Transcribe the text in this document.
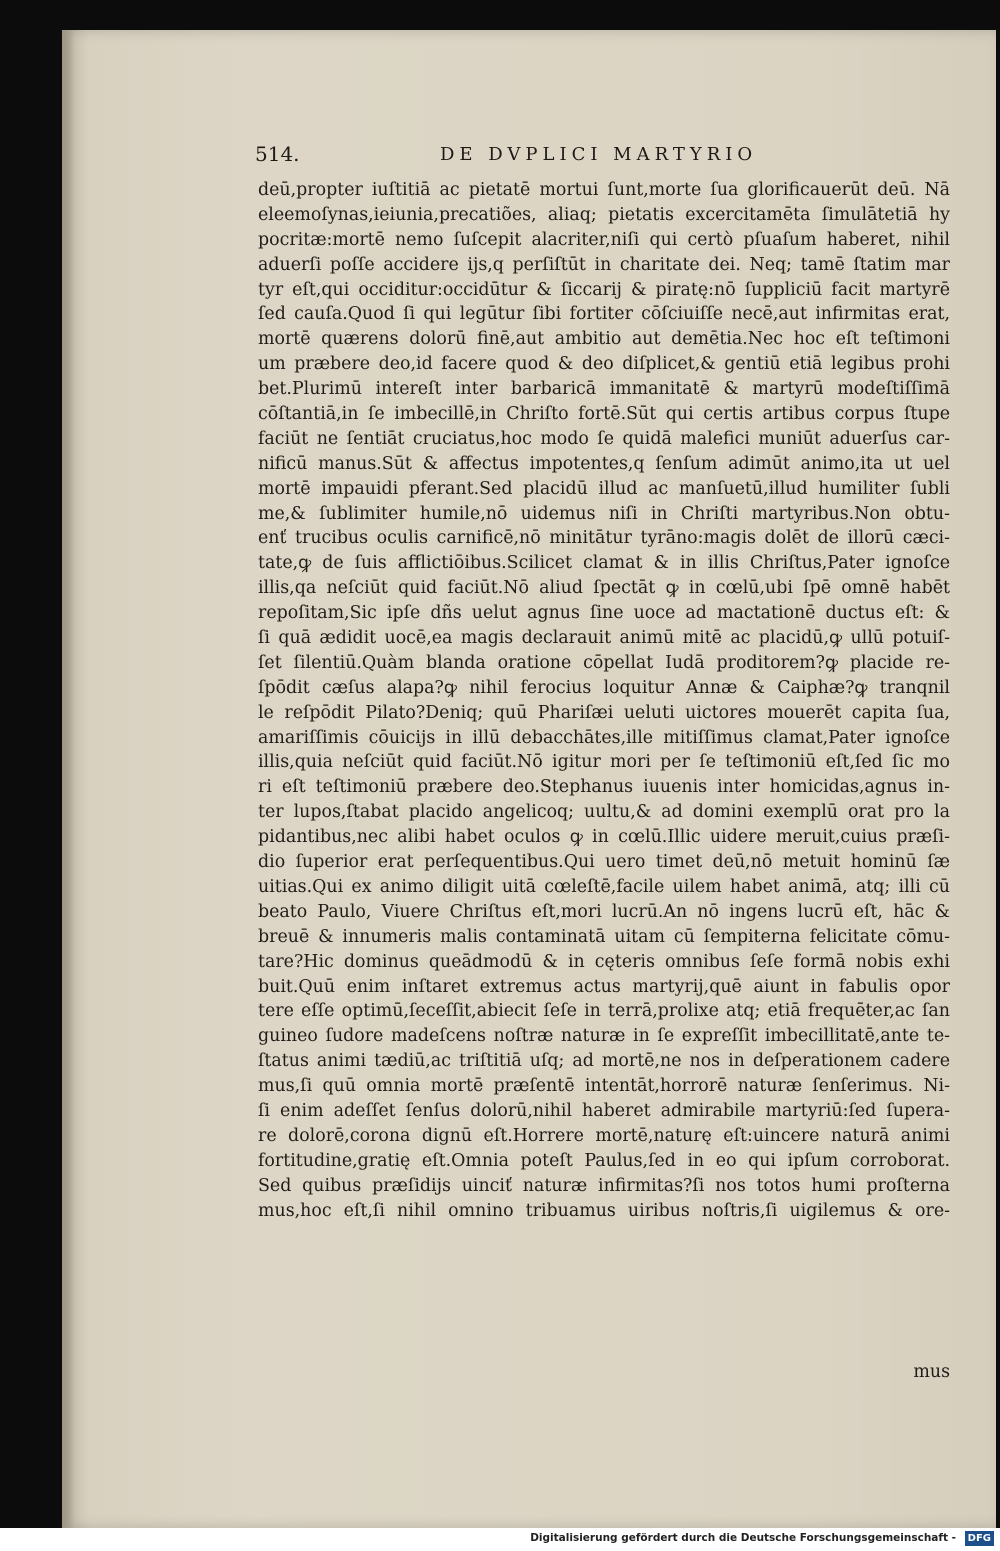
514.	DE DVPLICI MARTYRIO
deū,propter iuſtitiā ac pietatē mortui ſunt,morte ſua glorificauerūt deū. Nā
eleemoſynas,ieiunia,precatiões, aliaq; pietatis excercitamēta ſimulātetiā hy
pocritæ:mortē nemo ſuſcepit alacriter,niſi qui certò pſuaſum haberet, nihil
aduerſi poſſe accidere ijs,q perſiſtūt in charitate dei. Neq; tamē ſtatim mar
tyr eſt,qui occiditur:occidūtur & ſiccarij & piratę:nō ſuppliciū facit martyrē
ſed cauſa.Quod ſi qui legūtur ſibi fortiter cōſciuiſſe necē,aut infirmitas erat,
mortē quærens dolorū finē,aut ambitio aut demētia.Nec hoc eſt teſtimoni
um præbere deo,id facere quod & deo diſplicet,& gentiū etiā legibus prohi
bet.Plurimū intereſt inter barbaricā immanitatē & martyrū modeſtiſſimā
cōſtantiā,in ſe imbecillē,in Chriſto fortē.Sūt qui certis artibus corpus ſtupe
faciūt ne ſentiāt cruciatus,hoc modo ſe quidā malefici muniūt aduerſus car-
nificū manus.Sūt & affectus impotentes,q ſenſum adimūt animo,ita ut uel
mortē impauidi pferant.Sed placidū illud ac manſuetū,illud humiliter ſubli
me,& ſublimiter humile,nō uidemus niſi in Chriſti martyribus.Non obtu-
enť trucibus oculis carnificē,nō minitātur tyrāno:magis dolēt de illorū cæci-
tate,ꝙ de ſuis afflictiōibus.Scilicet clamat & in illis Chriſtus,Pater ignoſce
illis,qa neſciūt quid faciūt.Nō aliud ſpectāt ꝙ in cœlū,ubi ſpē omnē habēt
repoſitam,Sic ipſe dñs uelut agnus ſine uoce ad mactationē ductus eſt: &
ſi quā ædidit uocē,ea magis declarauit animū mitē ac placidū,ꝙ ullū potuiſ-
ſet ſilentiū.Quàm blanda oratione cōpellat Iudā proditorem?ꝙ placide re-
ſpōdit cæſus alapa?ꝙ nihil ferocius loquitur Annæ & Caiphæ?ꝙ tranqnil
le reſpōdit Pilato?Deniq; quū Phariſæi ueluti uictores mouerēt capita ſua,
amariſſimis cōuicijs in illū debacchātes,ille mitiſſimus clamat,Pater ignoſce
illis,quia neſciūt quid faciūt.Nō igitur mori per ſe teſtimoniū eſt,ſed ſic mo
ri eſt teſtimoniū præbere deo.Stephanus iuuenis inter homicidas,agnus in-
ter lupos,ſtabat placido angelicoq; uultu,& ad domini exemplū orat pro la
pidantibus,nec alibi habet oculos ꝙ in cœlū.Illic uidere meruit,cuius præſi-
dio ſuperior erat perſequentibus.Qui uero timet deū,nō metuit hominū ſæ
uitias.Qui ex animo diligit uitā cœleſtē,facile uilem habet animā, atq; illi cū
beato Paulo, Viuere Chriſtus eſt,mori lucrū.An nō ingens lucrū eſt, hāc &
breuē & innumeris malis contaminatā uitam cū ſempiterna felicitate cōmu-
tare?Hic dominus queādmodū & in cęteris omnibus ſeſe formā nobis exhi
buit.Quū enim inſtaret extremus actus martyrij,quē aiunt in fabulis opor
tere eſſe optimū,ſeceſſit,abiecit ſeſe in terrā,prolixe atq; etiā frequēter,ac ſan
guineo ſudore madeſcens noſtræ naturæ in ſe expreſſit imbecillitatē,ante te-
ſtatus animi tædiū,ac triſtitiā uſq; ad mortē,ne nos in deſperationem cadere
mus,ſi quū omnia mortē præſentē intentāt,horrorē naturæ ſenſerimus. Ni-
ſi enim adeſſet ſenſus dolorū,nihil haberet admirabile martyriū:ſed ſupera-
re dolorē,corona dignū eſt.Horrere mortē,naturę eſt:uincere naturā animi
fortitudine,gratię eſt.Omnia poteſt Paulus,ſed in eo qui ipſum corroborat.
Sed quibus præſidijs uinciť naturæ infirmitas?ſi nos totos humi proſterna
mus,hoc eſt,ſi nihil omnino tribuamus uiribus noſtris,ſi uigilemus & ore-
mus
Digitalisierung gefördert durch die Deutsche Forschungsgemeinschaft -	DFG
